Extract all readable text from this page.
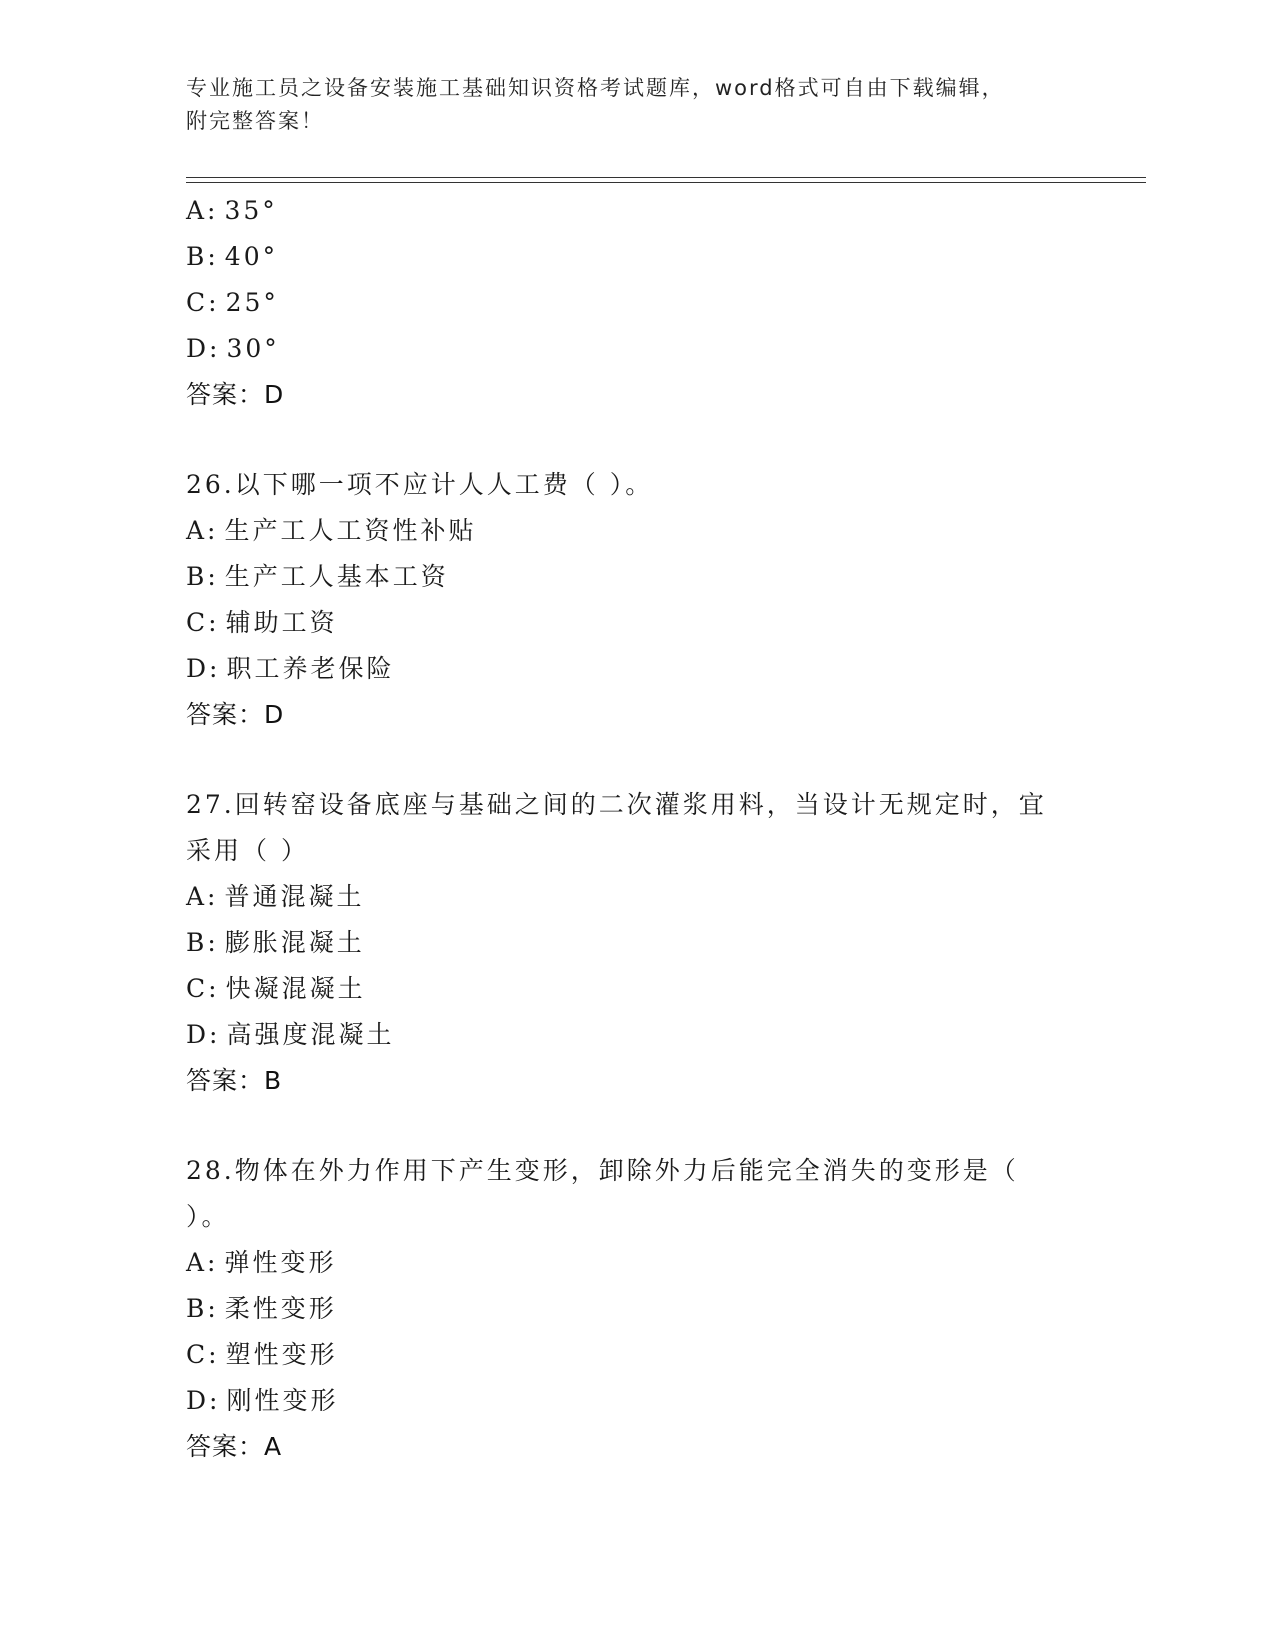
专业施工员之设备安装施工基础知识资格考试题库，word格式可自由下载编辑，
附完整答案！
A: 35°
B: 40°
C: 25°
D: 30°
答案：D
26.以下哪一项不应计人人工费（ ）。
A: 生产工人工资性补贴
B: 生产工人基本工资
C: 辅助工资
D: 职工养老保险
答案：D
27.回转窑设备底座与基础之间的二次灌浆用料，当设计无规定时，宜
采用（ ）
A: 普通混凝土
B: 膨胀混凝土
C: 快凝混凝土
D: 高强度混凝土
答案：B
28.物体在外力作用下产生变形，卸除外力后能完全消失的变形是（
）。
A: 弹性变形
B: 柔性变形
C: 塑性变形
D: 刚性变形
答案：A
